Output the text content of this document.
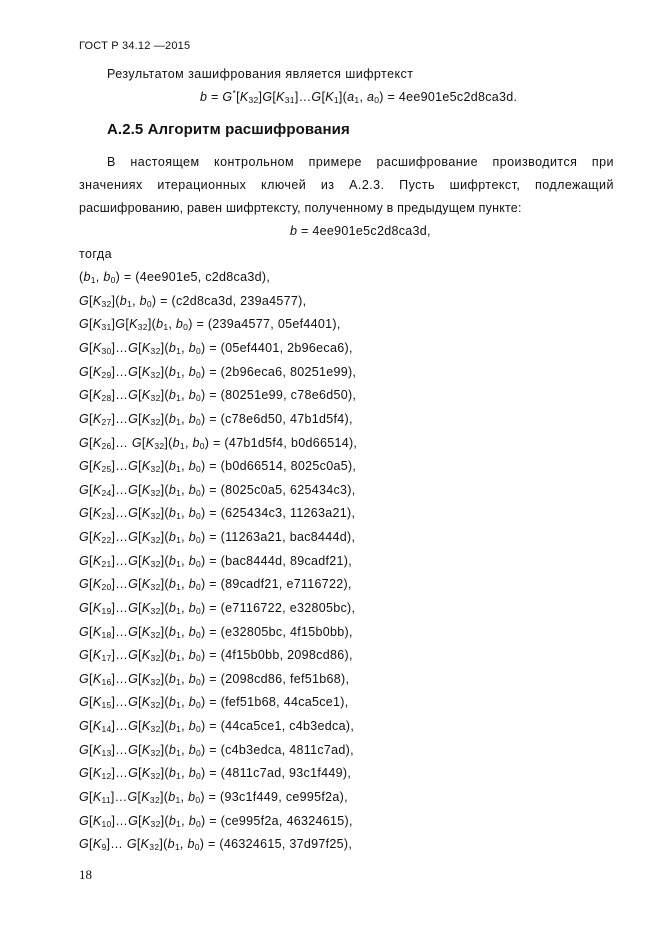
ГОСТ Р 34.12 —2015
Результатом зашифрования является шифртекст
$b = G^*[K_{32}]G[K_{31}]\dots G[K_1](a_1$, $a_0) = 4ee901e5c2d8ca3d$.
А.2.5 Алгоритм расшифрования
В настоящем контрольном примере расшифрование производится при
значениях итерационных ключей из А.2.3. Пусть шифртекст, подлежащий
расшифрованию, равен шифртексту, полученному в предыдущем пункте:
b = 4ee901e5c2d8ca3d,
тогда
($b_1$, $b_0) = (4ee901e5$, c2d8ca3d),
$G[K_{32}](b_1$, $b_0) = (c2d8ca3d$, 239a4577),
$G[K_{31}]G[K_{32}](b_1$, $b_0) = (239a4577$, 05ef4401),
$G[K_{30}]\dots G[K_{32}](b_1$, $b_0) = (05ef4401$, 2b96eca6),
$G[K_{29}]\dots G[K_{32}](b_1$, $b_0) = (2b96eca6$, 80251e99),
$G[K_{28}]\dots G[K_{32}](b_1$, $b_0) = (80251e99$, c78e6d50),
$G[K_{27}]\dots G[K_{32}](b_1$, $b_0) = (c78e6d50$, 47b1d5f4),
$G[K_{26}]\dots$ $G[K_{32}](b_1$, $b_0) = (47b1d5f4$, b0d66514),
$G[K_{25}]\dots G[K_{32}](b_1$, $b_0) = (b0d66514$, 8025c0a5),
$G[K_{24}]\dots G[K_{32}](b_1$, $b_0) = (8025c0a5$, 625434c3),
$G[K_{23}]\dots G[K_{32}](b_1$, $b_0) = (625434c3$, 11263a21),
$G[K_{22}]\dots G[K_{32}](b_1$, $b_0) = (11263a21$, bac8444d),
$G[K_{21}]\dots G[K_{32}](b_1$, $b_0) = (bac8444d$, 89cadf21),
$G[K_{20}]\dots G[K_{32}](b_1$, $b_0$) = (89cadf21, e7116722),
$G[K_{19}]\dots G[K_{32}](b_1$, $b_0) = (e7116722$, e32805bc),
$G[K_{18}]\dots G[K_{32}](b_1$, $b_0) = (e32805bc$, 4f15b0bb),
$G[K_{17}]\dots G[K_{32}](b_1$, $b_0) = (4f15b0bb$, 2098cd86),
$G[K_{16}]\dots G[K_{32}](b_1$, $b_0) = (2098cd86$, fef51b68),
$G[K_{15}]\dots G[K_{32}](b_1$, $b_0) = (fef51b68$, 44ca5ce1),
$G[K_{14}]\dots G[K_{32}](b_1$, $b_0) = (44ca5ce1$, c4b3edca),
$G[K_{13}]\dots G[K_{32}](b_1$, $b_0$) = (c4b3edca, 4811c7ad),
$G[K_{12}]\dots G[K_{32}](b_1$, $b_0) = (4811c7ad$, 93c1f449),
$G[K_{11}]\dots G[K_{32}](b_1$, $b_0) = (93c1f449$, ce995f2a),
$G[K_{10}]\dots G[K_{32}](b_1$, $b_0) = (ce995f2a$, 46324615),
$G[K_9]\dots$ $G[K_{32}](b_1$, $b_0) = (46324615$, 37d97f25),
18
